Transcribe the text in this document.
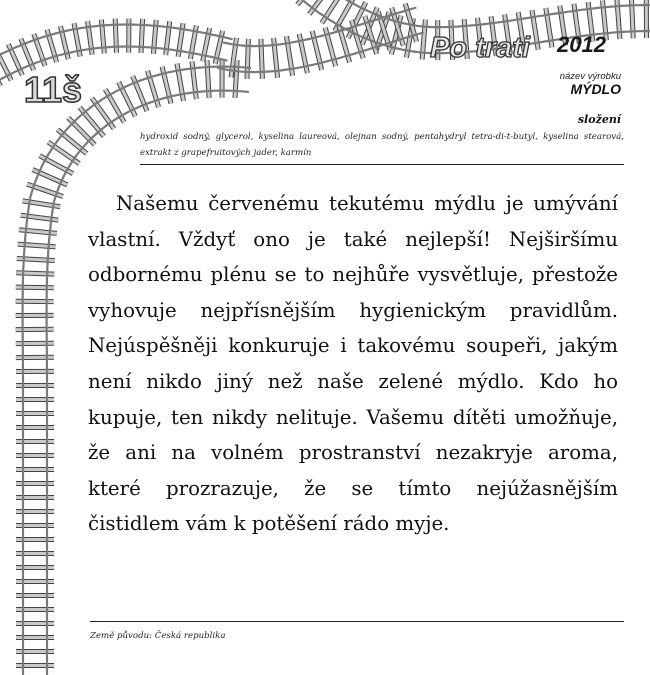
Po trati 2012
11š	název výrobku
MÝDLO
složení
hydroxid sodný, glycerol, kyselina laureová, olejnan sodný, pentahydryl tetra-di-t-butyl, kyselina stearová, extrakt z grapefruitových jader, karmín

Našemu červenému tekutému mýdlu je umývání vlastní. Vždyť ono je také nejlepší! Nejširšímu odbornému plénu se to nejhůře vysvětluje, přestože vyhovuje nejpřísnějším hygienickým pravidlům. Nejúspěšněji konkuruje i takovému soupeři, jakým není nikdo jiný než naše zelené mýdlo. Kdo ho kupuje, ten nikdy nelituje. Vašemu dítěti umožňuje, že ani na volném prostranství nezakryje aroma, které prozrazuje, že se tímto nejúžasnějším čistidlem vám k potěšení rádo myje.

Země původu: Česká republika
